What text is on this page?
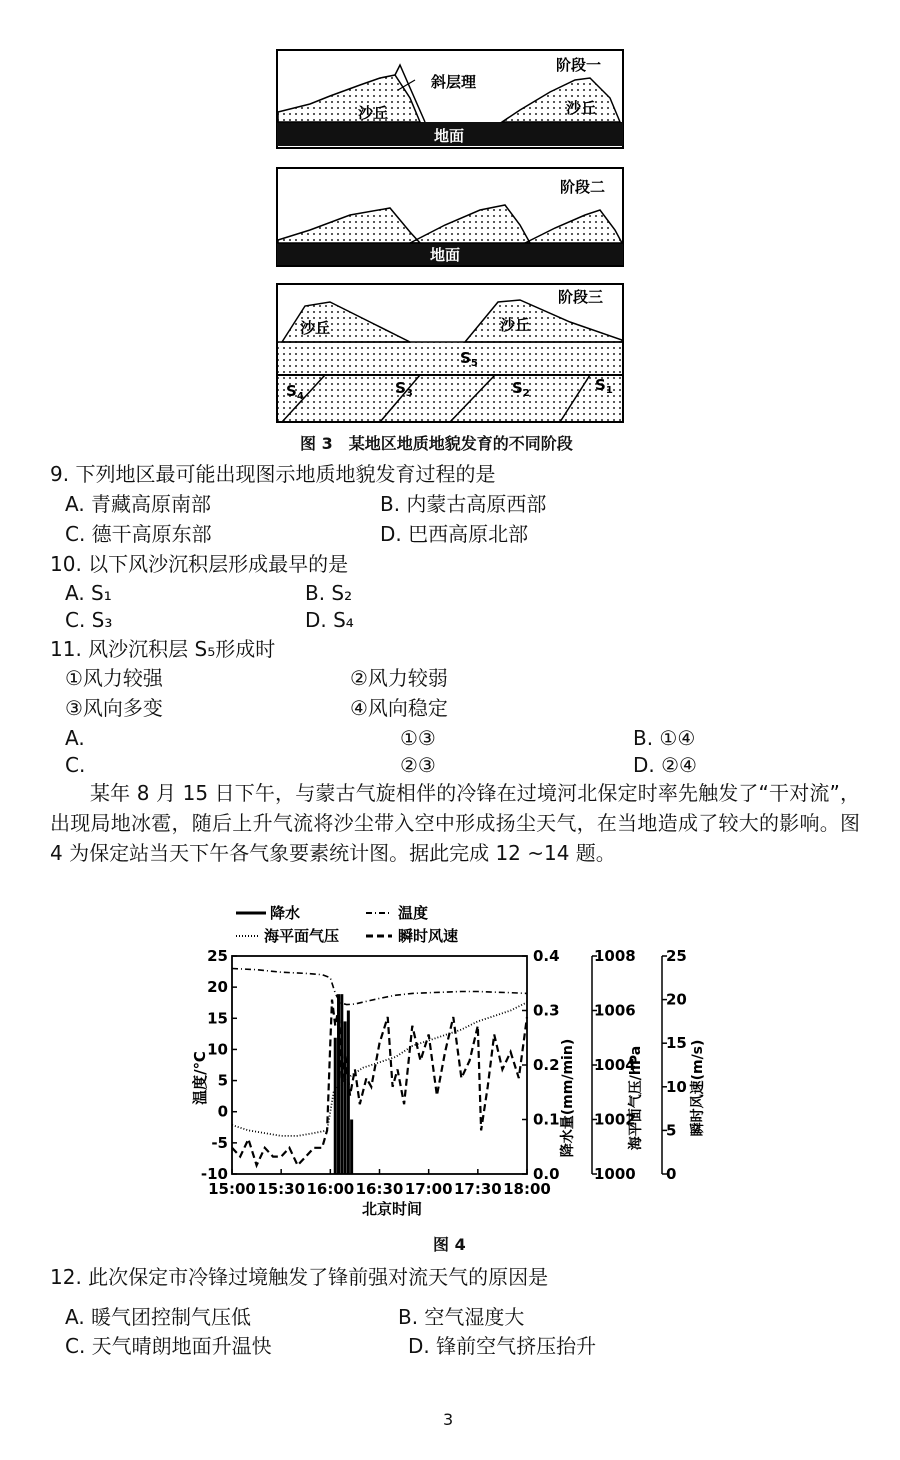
斜层理
阶段一
沙丘	沙丘
地面
阶段二
地面
阶段三
沙丘	沙丘
$S_5$
$S_4$	$S_3$	$S_2$	$S_1$
图 3　某地区地质地貌发育的不同阶段
9. 下列地区最可能出现图示地质地貌发育过程的是
A. 青藏高原南部	B. 内蒙古高原西部
C. 德干高原东部	D. 巴西高原北部
10. 以下风沙沉积层形成最早的是
A. S₁	B. S₂
C. S₃	D. S₄
11. 风沙沉积层 S₅形成时
①风力较强	②风力较弱
③风向多变	④风向稳定
A.	①③	B. ①④
C.	②③	D. ②④
某年 8 月 15 日下午，与蒙古气旋相伴的冷锋在过境河北保定时率先触发了“干对流”，出现局地冰雹，随后上升气流将沙尘带入空中形成扬尘天气，在当地造成了较大的影响。图 4 为保定站当天下午各气象要素统计图。据此完成 12 ~14 题。
降水	温度
海平面气压	瞬时风速
15:00 15:30 16:00 16:30 17:00 17:30 18:00
25
20
15
10
5
0
-5
-10
0.4
0.3
0.2
0.1
0.0
1008
1006
1004
1002
1000
25
20
15
10
5
0
北京时间
温度/℃	降水量(mm/min)	海平面气压/hPa	瞬时风速(m/s)
图 4
12. 此次保定市冷锋过境触发了锋前强对流天气的原因是
A. 暖气团控制气压低	B. 空气湿度大
C. 天气晴朗地面升温快	D. 锋前空气挤压抬升
3
